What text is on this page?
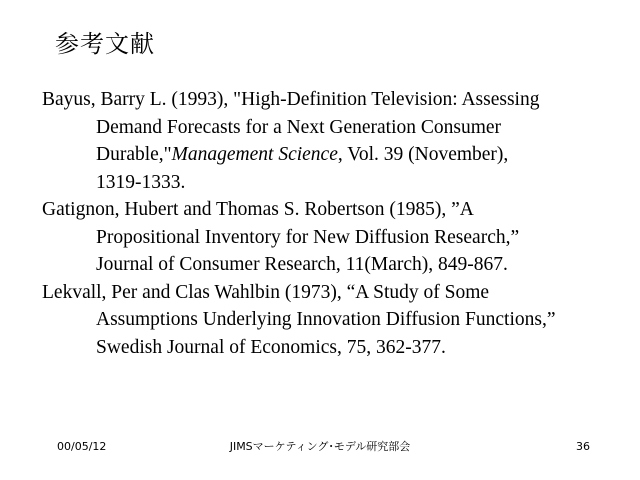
参考文献
Bayus, Barry L. (1993), "High-Definition Television: Assessing
Demand Forecasts for a Next Generation Consumer
Durable,"Management Science, Vol. 39 (November),
1319-1333.
Gatignon, Hubert and Thomas S. Robertson (1985), ”A
Propositional Inventory for New Diffusion Research,”
Journal of Consumer Research, 11(March), 849-867.
Lekvall, Per and Clas Wahlbin (1973), “A Study of Some
Assumptions Underlying Innovation Diffusion Functions,”
Swedish Journal of Economics, 75, 362-377.
00/05/12	JIMSマーケティング･モデル研究部会	36
